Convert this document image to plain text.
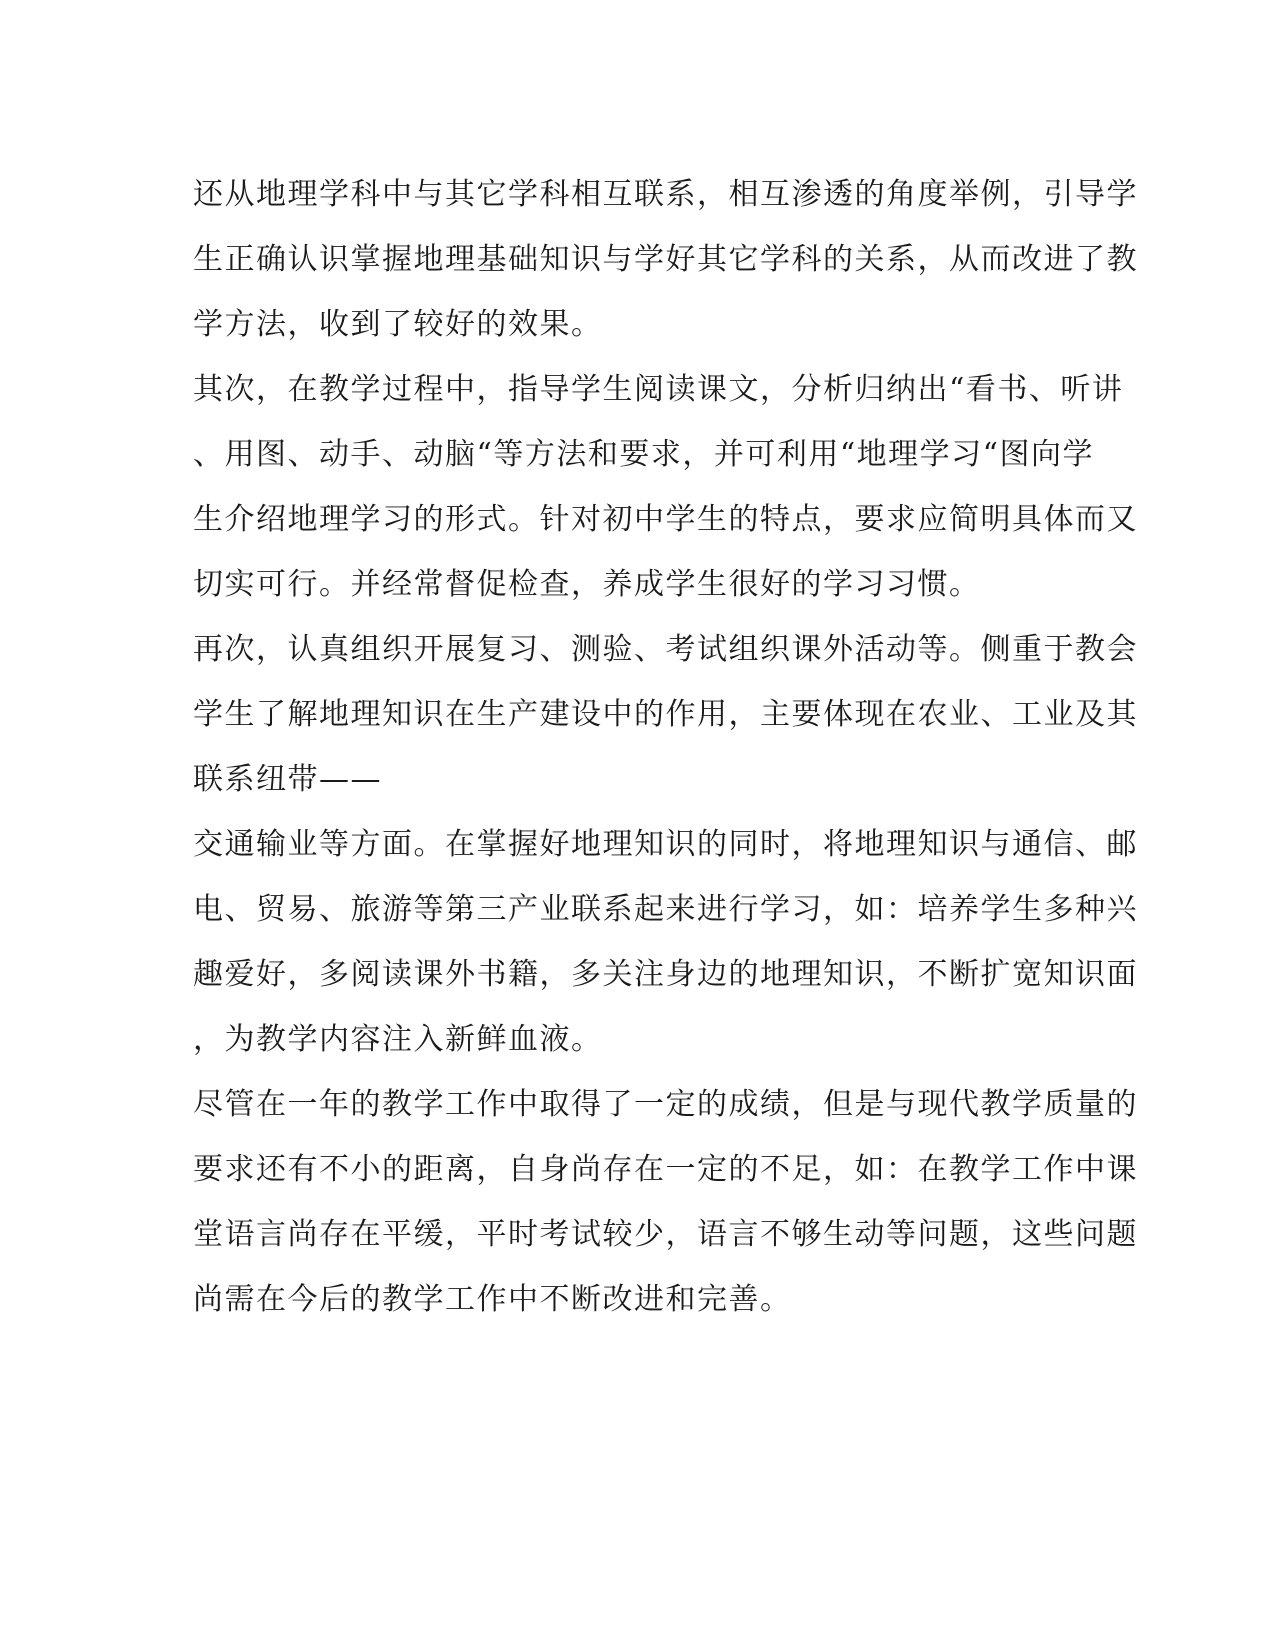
还从地理学科中与其它学科相互联系，相互渗透的角度举例，引导学
生正确认识掌握地理基础知识与学好其它学科的关系，从而改进了教
学方法，收到了较好的效果。
其次，在教学过程中，指导学生阅读课文，分析归纳出“看书、听讲
、用图、动手、动脑“等方法和要求，并可利用“地理学习“图向学
生介绍地理学习的形式。针对初中学生的特点，要求应简明具体而又
切实可行。并经常督促检查，养成学生很好的学习习惯。
再次，认真组织开展复习、测验、考试组织课外活动等。侧重于教会
学生了解地理知识在生产建设中的作用，主要体现在农业、工业及其
联系纽带——
交通输业等方面。在掌握好地理知识的同时，将地理知识与通信、邮
电、贸易、旅游等第三产业联系起来进行学习，如：培养学生多种兴
趣爱好，多阅读课外书籍，多关注身边的地理知识，不断扩宽知识面
，为教学内容注入新鲜血液。
尽管在一年的教学工作中取得了一定的成绩，但是与现代教学质量的
要求还有不小的距离，自身尚存在一定的不足，如：在教学工作中课
堂语言尚存在平缓，平时考试较少，语言不够生动等问题，这些问题
尚需在今后的教学工作中不断改进和完善。
